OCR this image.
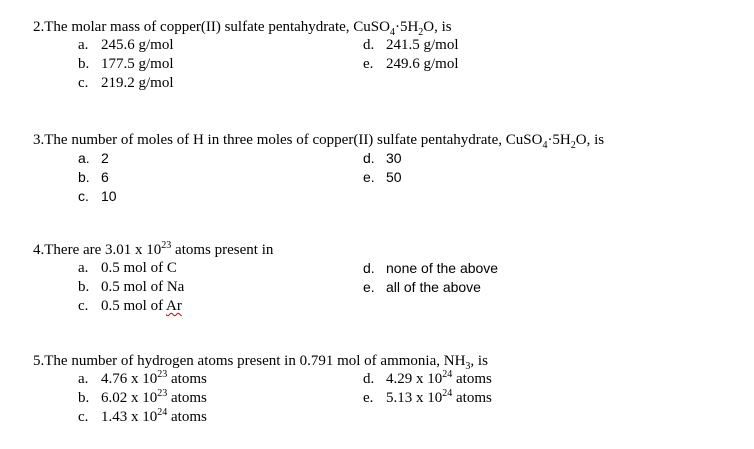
2.The molar mass of copper(II) sulfate pentahydrate, $CuSO_4\cdot 5H_2O$, is
a. 245.6 g/mol	d. 241.5 g/mol
b. 177.5 g/mol	e. 249.6 g/mol
c. 219.2 g/mol
3.The number of moles of H in three moles of copper(II) sulfate pentahydrate, $CuSO_4\cdot 5H_2O$, is
a. 2	d. 30
b. 6	e. 50
c. 10
4.There are 3.01 x $10^{23}$ atoms present in
a. 0.5 mol of C	d. none of the above
b. 0.5 mol of Na	e. all of the above
c. 0.5 mol of Ar
5.The number of hydrogen atoms present in 0.791 mol of ammonia, $NH_3$, is
a. 4.76 x $10^{23}$ atoms	d. 4.29 x $10^{24}$ atoms
b. 6.02 x $10^{23}$ atoms	e. 5.13 x $10^{24}$ atoms
c. 1.43 x $10^{24}$ atoms
